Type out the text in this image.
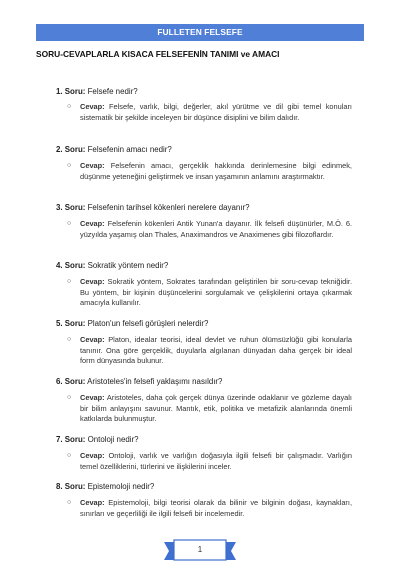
FULLETEN FELSEFE
SORU-CEVAPLARLA KISACA FELSEFENİN TANIMI ve AMACI
1. Soru: Felsefe nedir?
○ Cevap: Felsefe, varlık, bilgi, değerler, akıl yürütme ve dil gibi temel konuları sistematik bir şekilde inceleyen bir düşünce disiplini ve bilim dalıdır.
2. Soru: Felsefenin amacı nedir?
○ Cevap: Felsefenin amacı, gerçeklik hakkında derinlemesine bilgi edinmek, düşünme yeteneğini geliştirmek ve insan yaşamının anlamını araştırmaktır.
3. Soru: Felsefenin tarihsel kökenleri nerelere dayanır?
○ Cevap: Felsefenin kökenleri Antik Yunan'a dayanır. İlk felsefi düşünürler, M.Ö. 6. yüzyılda yaşamış olan Thales, Anaximandros ve Anaximenes gibi filozoflardır.
4. Soru: Sokratik yöntem nedir?
○ Cevap: Sokratik yöntem, Sokrates tarafından geliştirilen bir soru-cevap tekniğidir. Bu yöntem, bir kişinin düşüncelerini sorgulamak ve çelişkilerini ortaya çıkarmak amacıyla kullanılır.
5. Soru: Platon'un felsefi görüşleri nelerdir?
○ Cevap: Platon, idealar teorisi, ideal devlet ve ruhun ölümsüzlüğü gibi konularla tanınır. Ona göre gerçeklik, duyularla algılanan dünyadan daha gerçek bir ideal form dünyasında bulunur.
6. Soru: Aristoteles'in felsefi yaklaşımı nasıldır?
○ Cevap: Aristoteles, daha çok gerçek dünya üzerinde odaklanır ve gözleme dayalı bir bilim anlayışını savunur. Mantık, etik, politika ve metafizik alanlarında önemli katkılarda bulunmuştur.
7. Soru: Ontoloji nedir?
○ Cevap: Ontoloji, varlık ve varlığın doğasıyla ilgili felsefi bir çalışmadır. Varlığın temel özelliklerini, türlerini ve ilişkilerini inceler.
8. Soru: Epistemoloji nedir?
○ Cevap: Epistemoloji, bilgi teorisi olarak da bilinir ve bilginin doğası, kaynakları, sınırları ve geçerliliği ile ilgili felsefi bir incelemedir.
1
